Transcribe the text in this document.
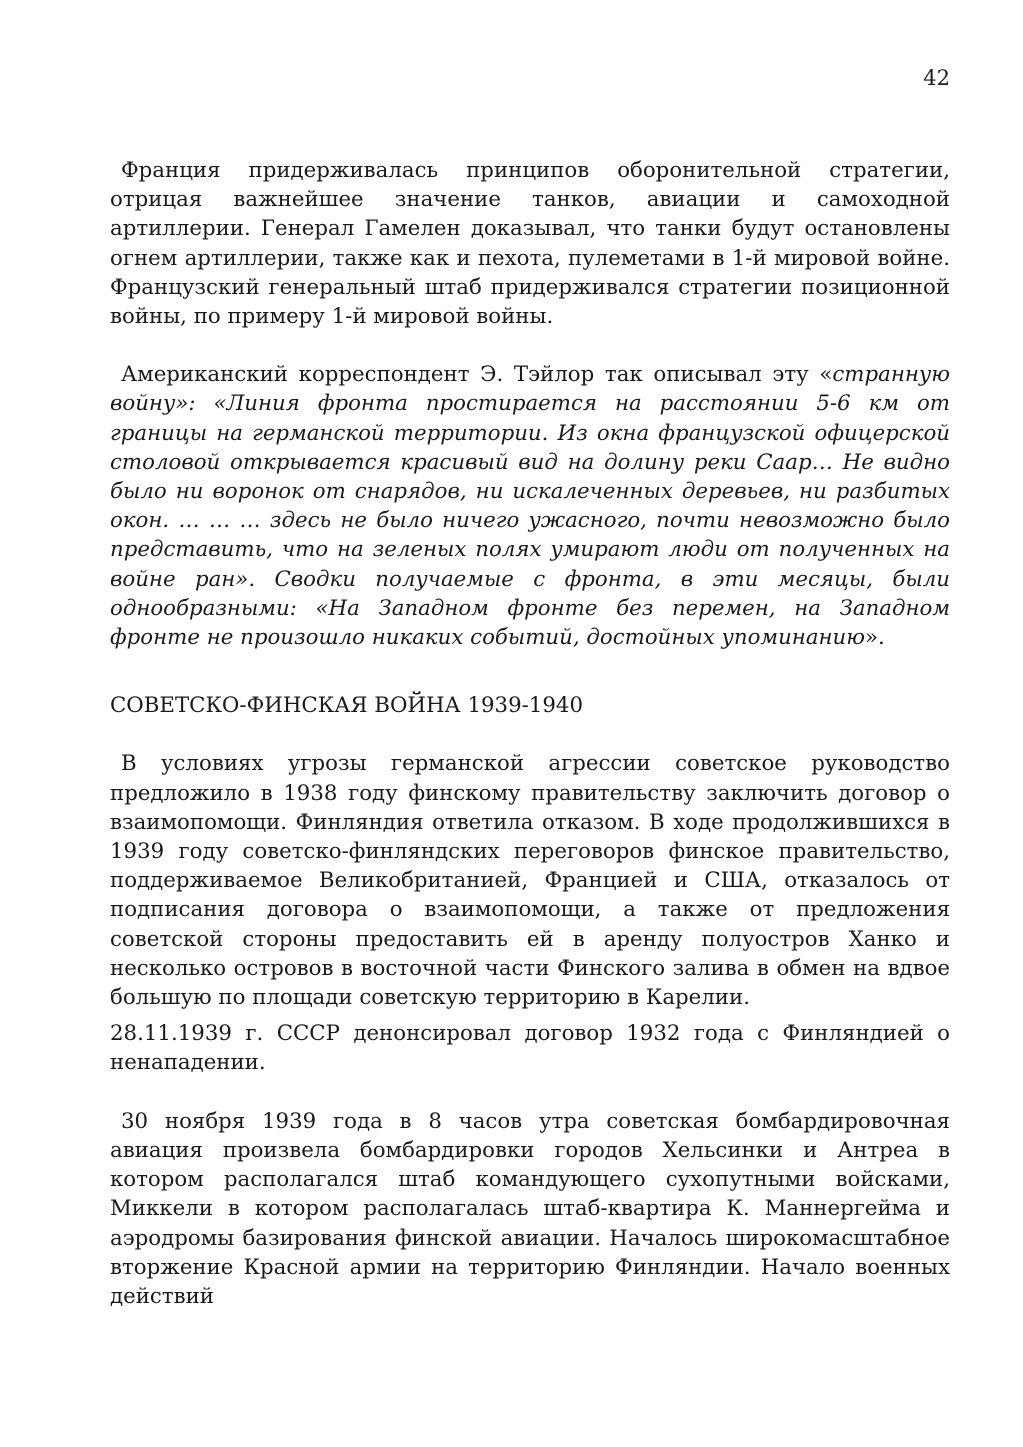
42

Франция придерживалась принципов оборонительной стратегии, отрицая важнейшее значение танков, авиации и самоходной артиллерии. Генерал Гамелен доказывал, что танки будут остановлены огнем артиллерии, также как и пехота, пулеметами в 1-й мировой войне. Французский генеральный штаб придерживался стратегии позиционной войны, по примеру 1-й мировой войны.

Американский корреспондент Э. Тэйлор так описывал эту «странную войну»: «Линия фронта простирается на расстоянии 5-6 км от границы на германской территории. Из окна французской офицерской столовой открывается красивый вид на долину реки Саар… Не видно было ни воронок от снарядов, ни искалеченных деревьев, ни разбитых окон. … … … здесь не было ничего ужасного, почти невозможно было представить, что на зеленых полях умирают люди от полученных на войне ран». Сводки получаемые с фронта, в эти месяцы, были однообразными: «На Западном фронте без перемен, на Западном фронте не произошло никаких событий, достойных упоминанию».

СОВЕТСКО-ФИНСКАЯ ВОЙНА 1939-1940

В условиях угрозы германской агрессии советское руководство предложило в 1938 году финскому правительству заключить договор о взаимопомощи. Финляндия ответила отказом. В ходе продолжившихся в 1939 году советско-финляндских переговоров финское правительство, поддерживаемое Великобританией, Францией и США, отказалось от подписания договора о взаимопомощи, а также от предложения советской стороны предоставить ей в аренду полуостров Ханко и несколько островов в восточной части Финского залива в обмен на вдвое большую по площади советскую территорию в Карелии.

28.11.1939 г. СССР денонсировал договор 1932 года с Финляндией о ненападении.

30 ноября 1939 года в 8 часов утра советская бомбардировочная авиация произвела бомбардировки городов Хельсинки и Антреа в котором располагался штаб командующего сухопутными войсками, Миккели в котором располагалась штаб-квартира К. Маннергейма и аэродромы базирования финской авиации. Началось широкомасштабное вторжение Красной армии на территорию Финляндии. Начало военных действий
